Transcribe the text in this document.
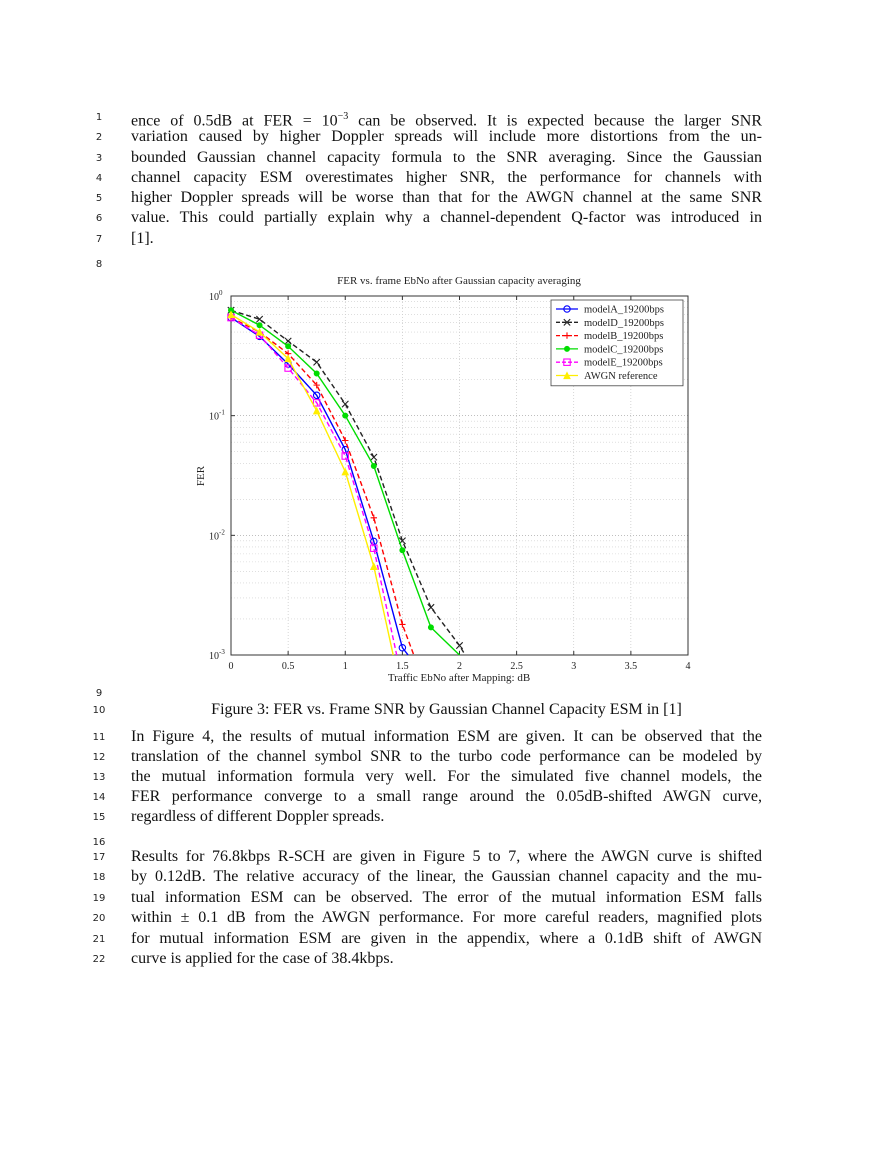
1	ence of 0.5dB at FER = $10^{-3}$ can be observed. It is expected because the larger SNR
2	variation caused by higher Doppler spreads will include more distortions from the un-
3	bounded Gaussian channel capacity formula to the SNR averaging. Since the Gaussian
4	channel capacity ESM overestimates higher SNR, the performance for channels with
5	higher Doppler spreads will be worse than that for the AWGN channel at the same SNR
6	value. This could partially explain why a channel-dependent Q-factor was introduced in
7	[1].
8
FER vs. frame EbNo after Gaussian capacity averaging
Traffic EbNo after Mapping: dB
FER
0	0.5	1	1.5	2	2.5	3	3.5	4
$10^0$
$10^{-1}$
$10^{-2}$
$10^{-3}$
modelA_19200bps
modelD_19200bps
modelB_19200bps
modelC_19200bps
modelE_19200bps
AWGN reference
9
10	Figure 3: FER vs. Frame SNR by Gaussian Channel Capacity ESM in [1]
11	In Figure 4, the results of mutual information ESM are given. It can be observed that the
12	translation of the channel symbol SNR to the turbo code performance can be modeled by
13	the mutual information formula very well. For the simulated five channel models, the
14	FER performance converge to a small range around the 0.05dB-shifted AWGN curve,
15	regardless of different Doppler spreads.
16
17	Results for 76.8kbps R-SCH are given in Figure 5 to 7, where the AWGN curve is shifted
18	by 0.12dB. The relative accuracy of the linear, the Gaussian channel capacity and the mu-
19	tual information ESM can be observed. The error of the mutual information ESM falls
20	within ± 0.1 dB from the AWGN performance. For more careful readers, magnified plots
21	for mutual information ESM are given in the appendix, where a 0.1dB shift of AWGN
22	curve is applied for the case of 38.4kbps.
